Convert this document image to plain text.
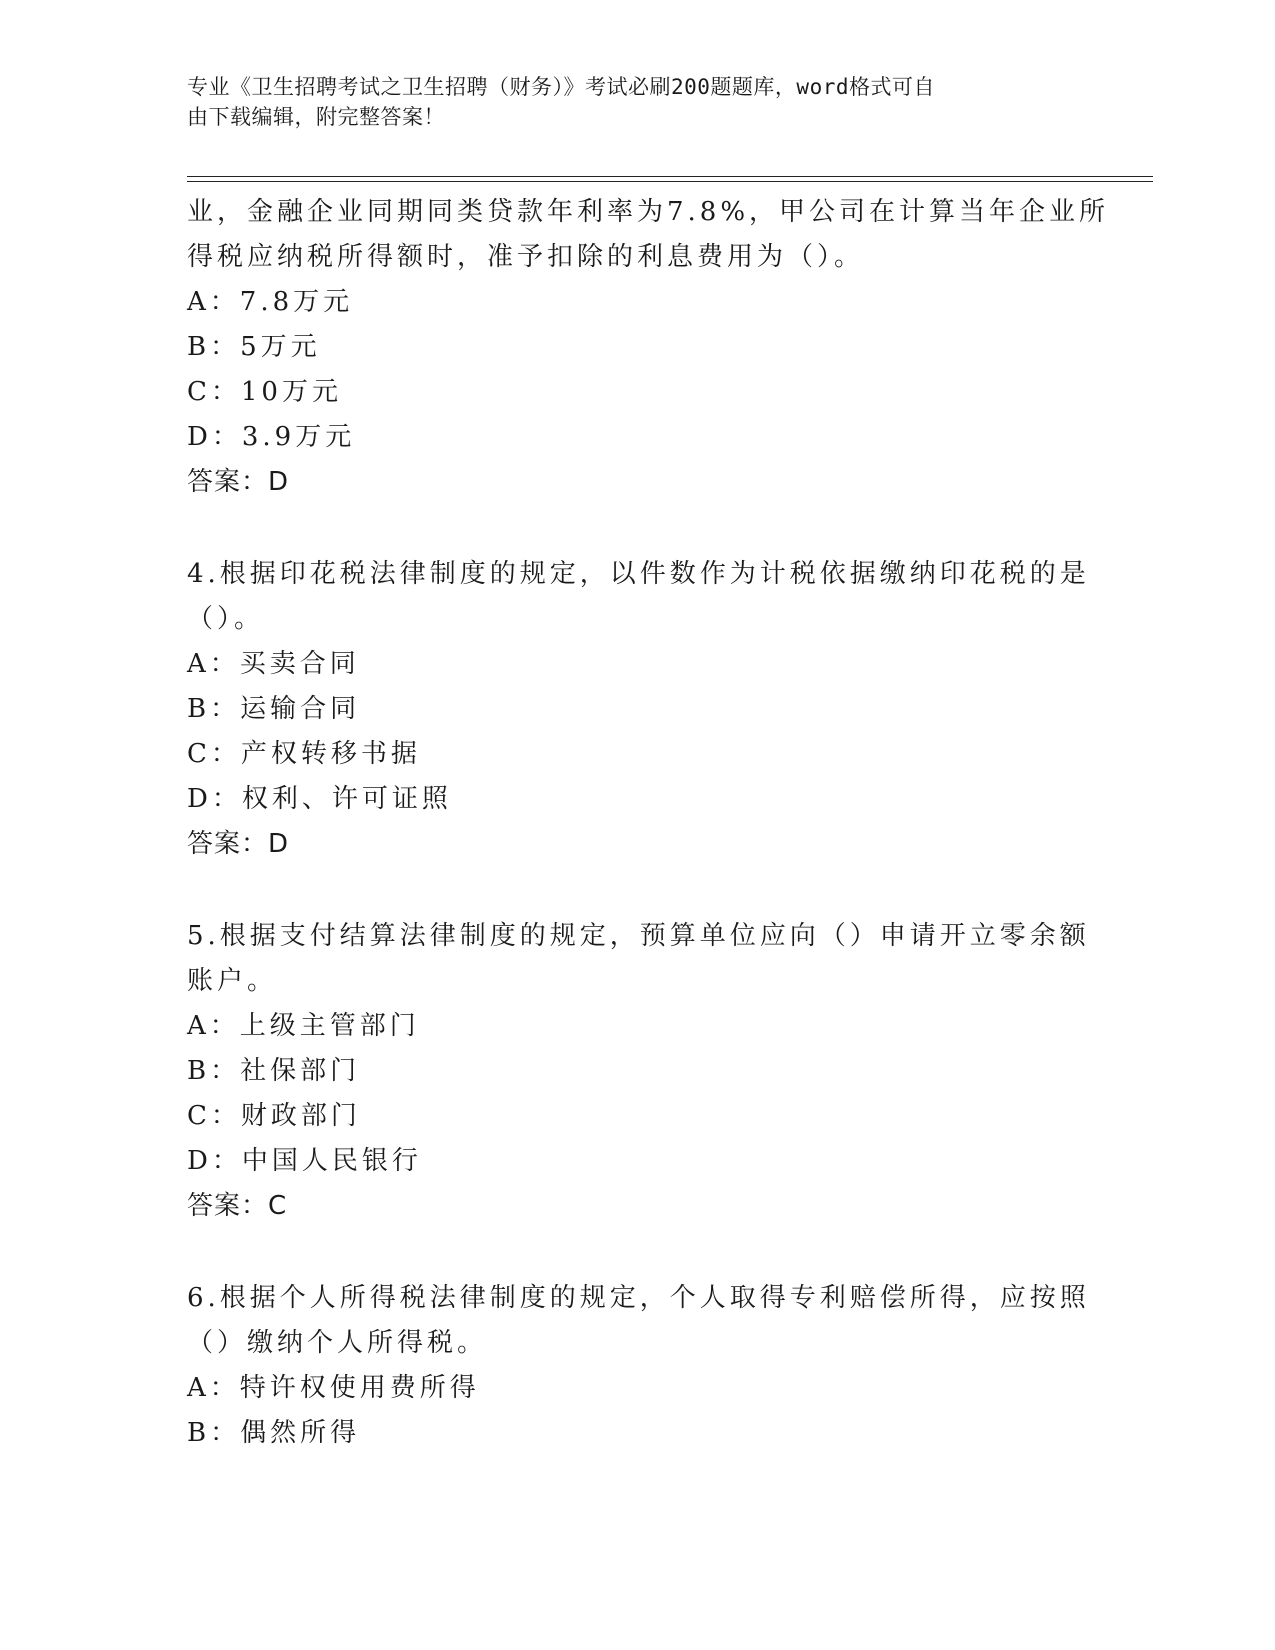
专业《卫生招聘考试之卫生招聘（财务）》考试必刷200题题库，word格式可自
由下载编辑，附完整答案！
业，金融企业同期同类贷款年利率为7.8%，甲公司在计算当年企业所
得税应纳税所得额时，准予扣除的利息费用为（）。
A：7.8万元
B：5万元
C：10万元
D：3.9万元
答案：D
4.根据印花税法律制度的规定，以件数作为计税依据缴纳印花税的是
（）。
A：买卖合同
B：运输合同
C：产权转移书据
D：权利、许可证照
答案：D
5.根据支付结算法律制度的规定，预算单位应向（）申请开立零余额
账户。
A：上级主管部门
B：社保部门
C：财政部门
D：中国人民银行
答案：C
6.根据个人所得税法律制度的规定，个人取得专利赔偿所得，应按照
（）缴纳个人所得税。
A：特许权使用费所得
B：偶然所得
